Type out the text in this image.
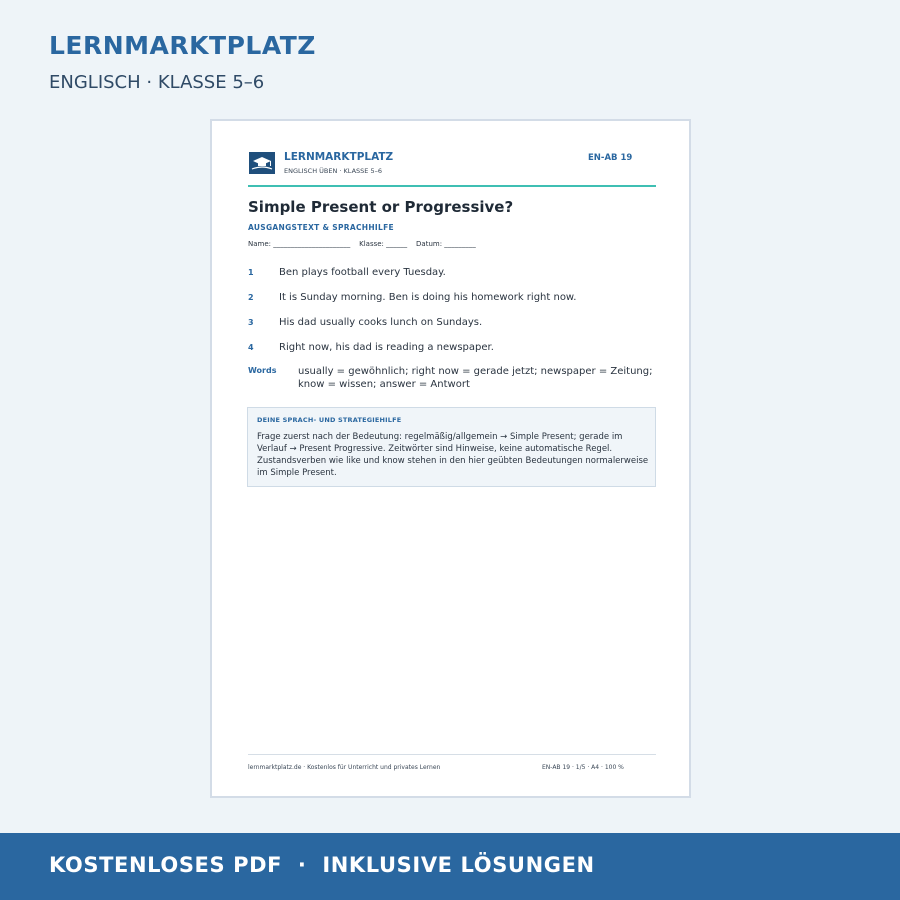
LERNMARKTPLATZ
ENGLISCH · KLASSE 5–6
LERNMARKTPLATZ
ENGLISCH ÜBEN · KLASSE 5–6
EN-AB 19
Simple Present or Progressive?
AUSGANGSTEXT & SPRACHHILFE
Name: ______________________    Klasse: ______    Datum: _________
1	Ben plays football every Tuesday.
2	It is Sunday morning. Ben is doing his homework right now.
3	His dad usually cooks lunch on Sundays.
4	Right now, his dad is reading a newspaper.
Words usually = gewöhnlich; right now = gerade jetzt; newspaper = Zeitung; know = wissen; answer = Antwort
DEINE SPRACH- UND STRATEGIEHILFE
Frage zuerst nach der Bedeutung: regelmäßig/allgemein → Simple Present; gerade im Verlauf → Present Progressive. Zeitwörter sind Hinweise, keine automatische Regel. Zustandsverben wie like und know stehen in den hier geübten Bedeutungen normalerweise im Simple Present.
lernmarktplatz.de · Kostenlos für Unterricht und privates Lernen	EN-AB 19 · 1/5 · A4 · 100 %
KOSTENLOSES PDF  ·  INKLUSIVE LÖSUNGEN
